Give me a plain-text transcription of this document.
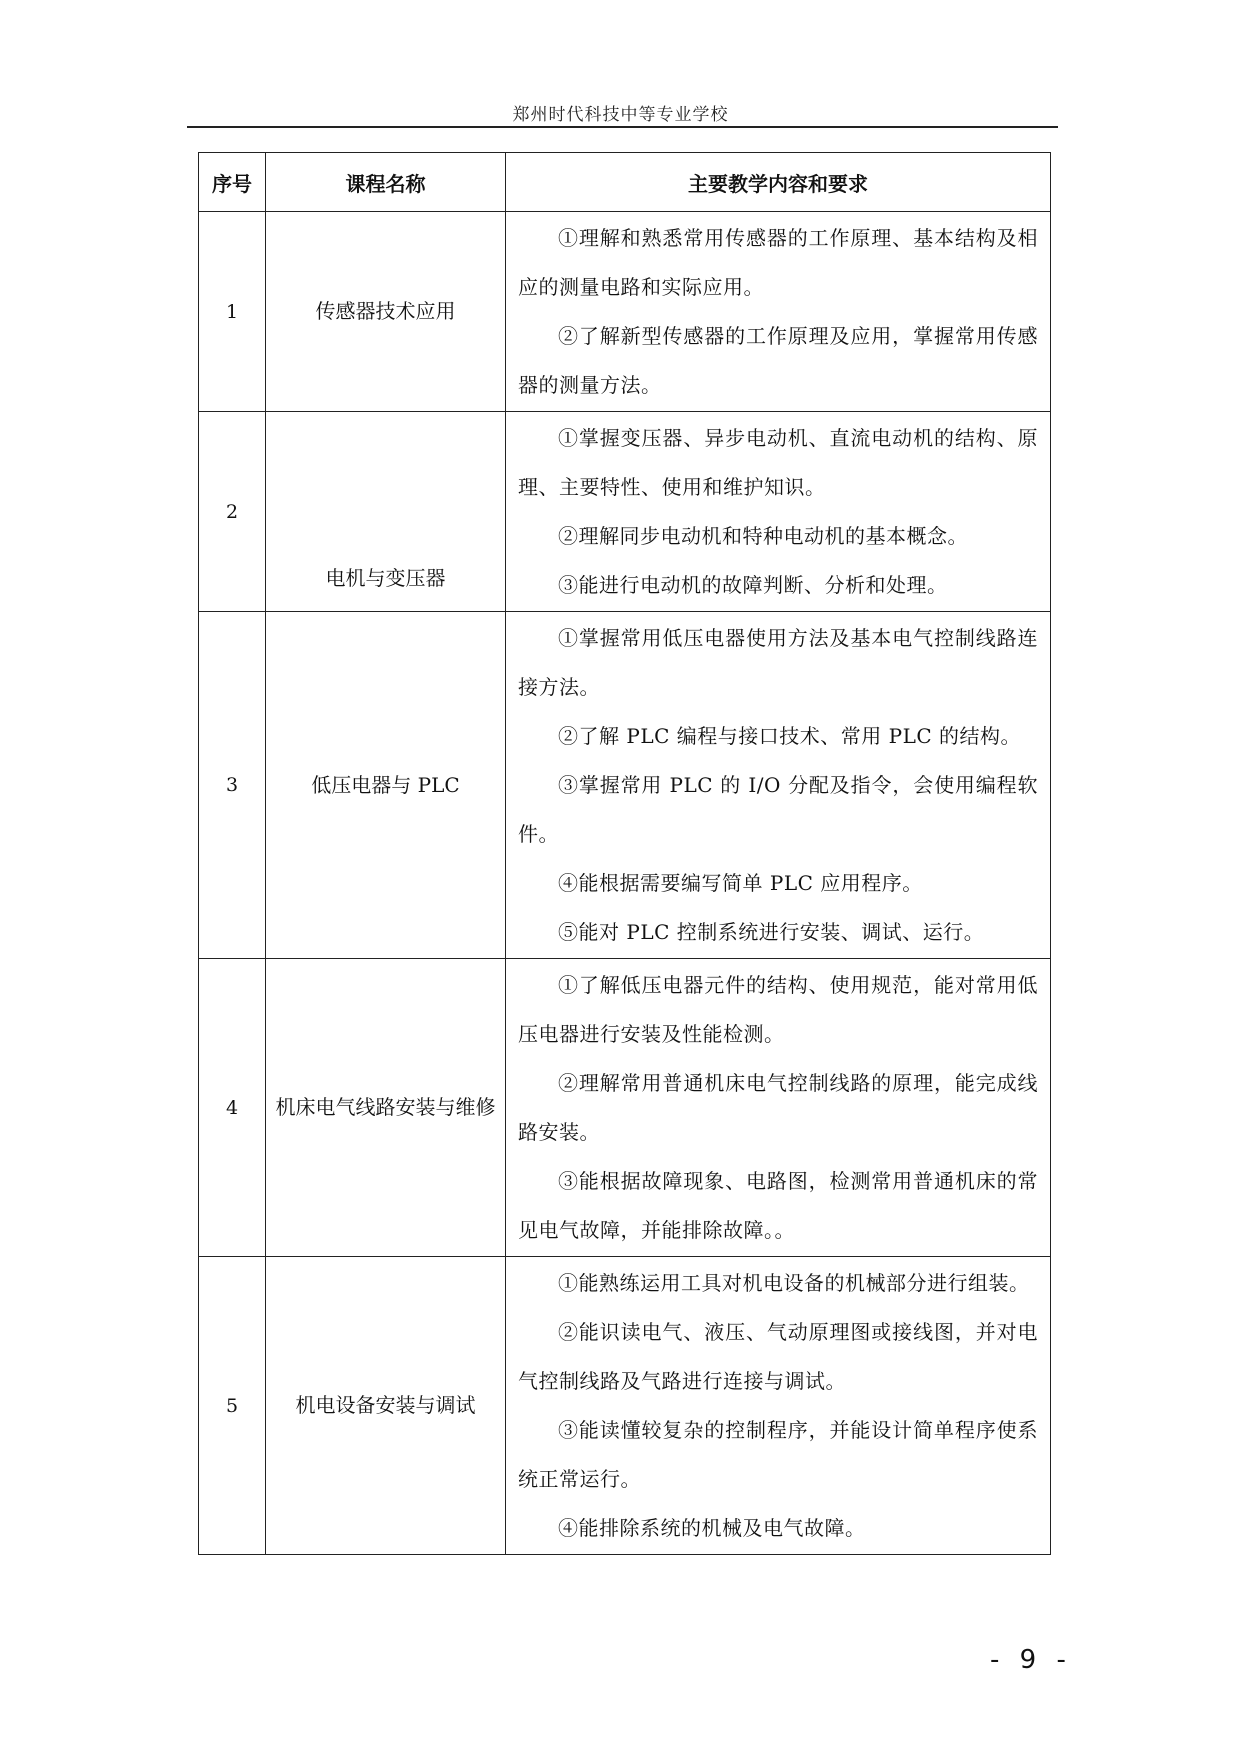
郑州时代科技中等专业学校
序号	课程名称	主要教学内容和要求
1	传感器技术应用	①理解和熟悉常用传感器的工作原理、基本结构及相应的测量电路和实际应用。

②了解新型传感器的工作原理及应用，掌握常用传感器的测量方法。

2	电机与变压器	①掌握变压器、异步电动机、直流电动机的结构、原理、主要特性、使用和维护知识。

②理解同步电动机和特种电动机的基本概念。

③能进行电动机的故障判断、分析和处理。

3	低压电器与 PLC	①掌握常用低压电器使用方法及基本电气控制线路连接方法。

②了解 PLC 编程与接口技术、常用 PLC 的结构。

③掌握常用 PLC 的 I/O 分配及指令，会使用编程软件。

④能根据需要编写简单 PLC 应用程序。

⑤能对 PLC 控制系统进行安装、调试、运行。

4	机床电气线路安装与维修	①了解低压电器元件的结构、使用规范，能对常用低压电器进行安装及性能检测。

②理解常用普通机床电气控制线路的原理，能完成线路安装。

③能根据故障现象、电路图，检测常用普通机床的常见电气故障，并能排除故障。。

5	机电设备安装与调试	①能熟练运用工具对机电设备的机械部分进行组装。

②能识读电气、液压、气动原理图或接线图，并对电气控制线路及气路进行连接与调试。

③能读懂较复杂的控制程序，并能设计简单程序使系统正常运行。

④能排除系统的机械及电气故障。

- 9 -
